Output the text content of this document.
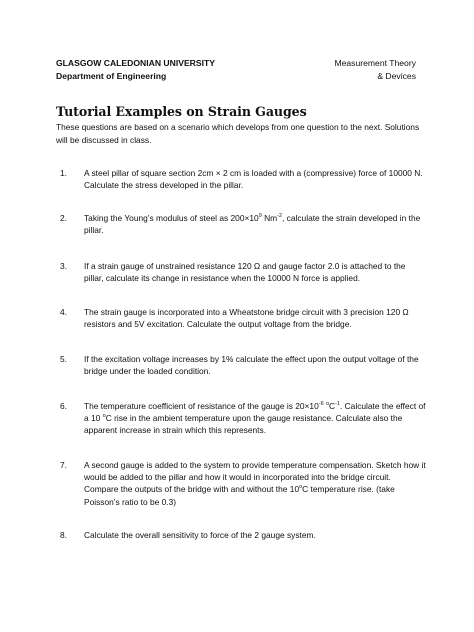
GLASGOW CALEDONIAN UNIVERSITY
Department of Engineering
Measurement Theory
& Devices
Tutorial Examples on Strain Gauges
These questions are based on a scenario which develops from one question to the next. Solutions will be discussed in class.
1.	A steel pillar of square section 2cm × 2 cm is loaded with a (compressive) force of 10000 N. Calculate the stress developed in the pillar.
2.	Taking the Young’s modulus of steel as $200\times 10^9$ $Nm^{-2}$, calculate the strain developed in the pillar.
3.	If a strain gauge of unstrained resistance 120 Ω and gauge factor 2.0 is attached to the pillar, calculate its change in resistance when the 10000 N force is applied.
4.	The strain gauge is incorporated into a Wheatstone bridge circuit with 3 precision 120 Ω resistors and 5V excitation. Calculate the output voltage from the bridge.
5.	If the excitation voltage increases by 1% calculate the effect upon the output voltage of the bridge under the loaded condition.
6.	The temperature coefficient of resistance of the gauge is $20\times 10^{-6}$ $^oC^{-1}$. Calculate the effect of a 10 $^o$C rise in the ambient temperature upon the gauge resistance. Calculate also the apparent increase in strain which this represents.
7.	A second gauge is added to the system to provide temperature compensation. Sketch how it would be added to the pillar and how it would in incorporated into the bridge circuit. Compare the outputs of the bridge with and without the 10$^o$C temperature rise. (take Poisson’s ratio to be 0.3)
8.	Calculate the overall sensitivity to force of the 2 gauge system.
